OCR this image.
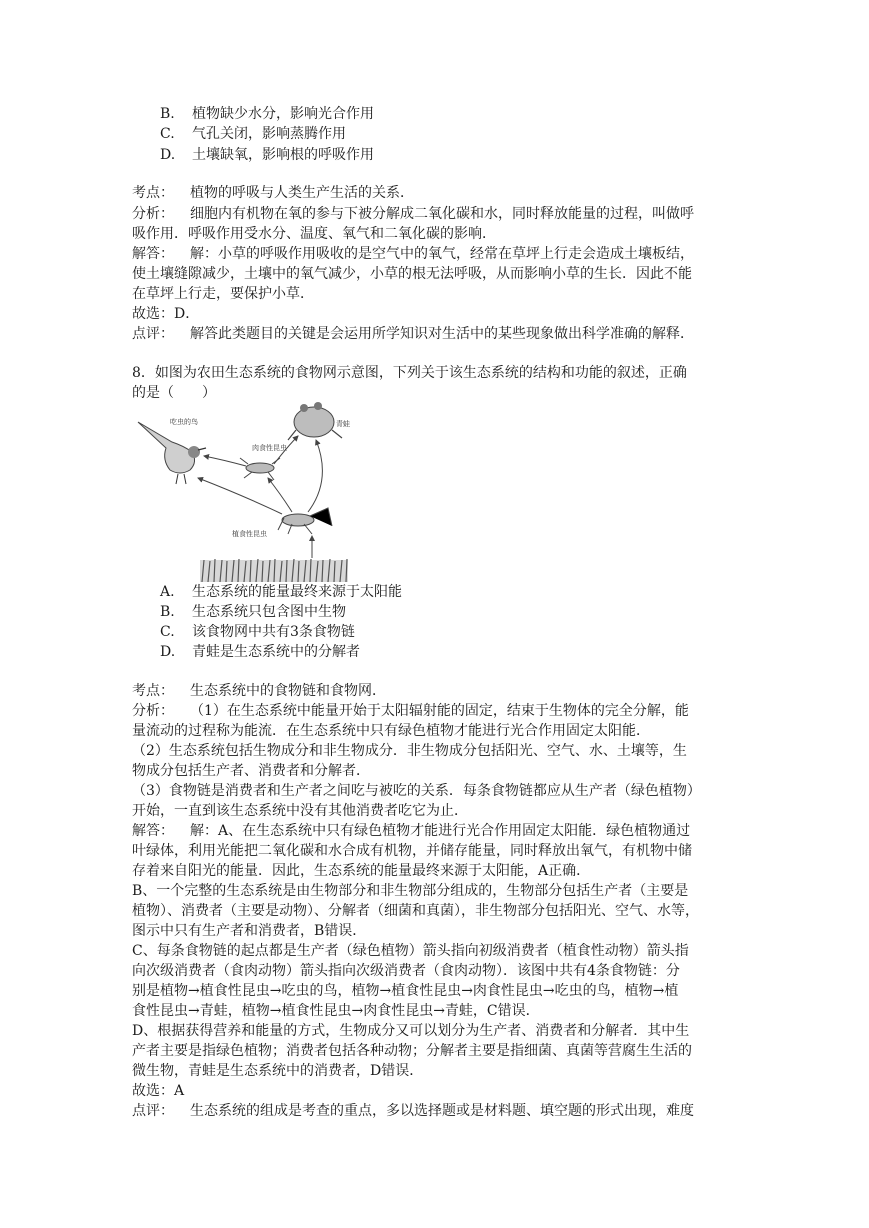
B. 植物缺少水分，影响光合作用
C. 气孔关闭，影响蒸腾作用
D. 土壤缺氧，影响根的呼吸作用
考点： 植物的呼吸与人类生产生活的关系．
分析： 细胞内有机物在氧的参与下被分解成二氧化碳和水，同时释放能量的过程，叫做呼
吸作用．呼吸作用受水分、温度、氧气和二氧化碳的影响．
解答： 解：小草的呼吸作用吸收的是空气中的氧气，经常在草坪上行走会造成土壤板结，
使土壤缝隙减少，土壤中的氧气减少，小草的根无法呼吸，从而影响小草的生长．因此不能
在草坪上行走，要保护小草．
故选：D．
点评： 解答此类题目的关键是会运用所学知识对生活中的某些现象做出科学准确的解释．
8．如图为农田生态系统的食物网示意图，下列关于该生态系统的结构和功能的叙述，正确
的是（　　）
吃虫的鸟
肉食性昆虫
青蛙
植食性昆虫
A. 生态系统的能量最终来源于太阳能
B. 生态系统只包含图中生物
C. 该食物网中共有3条食物链
D. 青蛙是生态系统中的分解者
考点： 生态系统中的食物链和食物网．
分析： （1）在生态系统中能量开始于太阳辐射能的固定，结束于生物体的完全分解，能
量流动的过程称为能流．在生态系统中只有绿色植物才能进行光合作用固定太阳能．
（2）生态系统包括生物成分和非生物成分．非生物成分包括阳光、空气、水、土壤等，生
物成分包括生产者、消费者和分解者．
（3）食物链是消费者和生产者之间吃与被吃的关系．每条食物链都应从生产者（绿色植物）
开始，一直到该生态系统中没有其他消费者吃它为止．
解答： 解：A、在生态系统中只有绿色植物才能进行光合作用固定太阳能．绿色植物通过
叶绿体，利用光能把二氧化碳和水合成有机物，并储存能量，同时释放出氧气，有机物中储
存着来自阳光的能量．因此，生态系统的能量最终来源于太阳能，A正确．
B、一个完整的生态系统是由生物部分和非生物部分组成的，生物部分包括生产者（主要是
植物）、消费者（主要是动物）、分解者（细菌和真菌），非生物部分包括阳光、空气、水等，
图示中只有生产者和消费者，B错误．
C、每条食物链的起点都是生产者（绿色植物）箭头指向初级消费者（植食性动物）箭头指
向次级消费者（食肉动物）箭头指向次级消费者（食肉动物）．该图中共有4条食物链：分
别是植物→植食性昆虫→吃虫的鸟，植物→植食性昆虫→肉食性昆虫→吃虫的鸟，植物→植
食性昆虫→青蛙，植物→植食性昆虫→肉食性昆虫→青蛙，C错误．
D、根据获得营养和能量的方式，生物成分又可以划分为生产者、消费者和分解者．其中生
产者主要是指绿色植物；消费者包括各种动物；分解者主要是指细菌、真菌等营腐生生活的
微生物，青蛙是生态系统中的消费者，D错误．
故选：A
点评： 生态系统的组成是考查的重点，多以选择题或是材料题、填空题的形式出现，难度
